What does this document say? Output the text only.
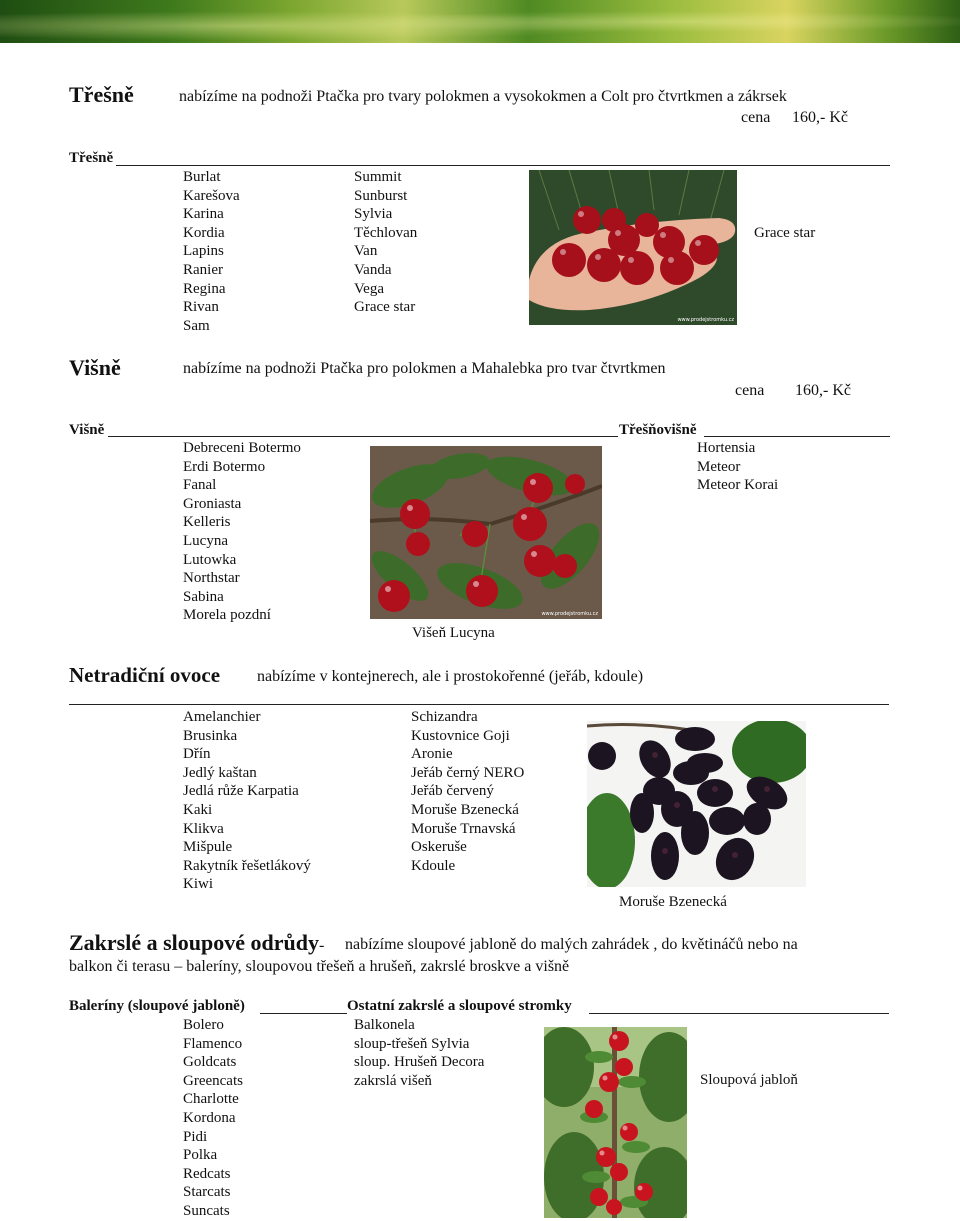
Třešně	nabízíme na podnoži Ptačka pro tvary polokmen a vysokokmen a Colt pro čtvrtkmen a zákrsek
cena 160,- Kč
Třešně
Burlat
Karešova
Karina
Kordia
Lapins
Ranier
Regina
Rivan
Sam
Summit
Sunburst
Sylvia
Těchlovan
Van
Vanda
Vega
Grace star
www.prodejstromku.cz
Grace star
Višně	nabízíme na podnoži Ptačka pro polokmen a Mahalebka pro tvar čtvrtkmen
cena 160,- Kč
Višně	Třešňovišně
Debreceni Botermo
Erdi Botermo
Fanal
Groniasta
Kelleris
Lucyna
Lutowka
Northstar
Sabina
Morela pozdní
Hortensia
Meteor
Meteor Korai
www.prodejstromku.cz
Višeň Lucyna
Netradiční ovoce nabízíme v kontejnerech, ale i prostokořenné (jeřáb, kdoule)
Amelanchier
Brusinka
Dřín
Jedlý kaštan
Jedlá růže Karpatia
Kaki
Klikva
Mišpule
Rakytník řešetlákový
Kiwi
Schizandra
Kustovnice Goji
Aronie
Jeřáb černý NERO
Jeřáb červený
Moruše Bzenecká
Moruše Trnavská
Oskeruše
Kdoule
Moruše Bzenecká
Zakrslé a sloupové odrůdy- nabízíme sloupové jabloně do malých zahrádek , do květináčů nebo na
balkon či terasu – baleríny, sloupovou třešeň a hrušeň, zakrslé broskve a višně
Baleríny (sloupové jabloně)	Ostatní zakrslé a sloupové stromky
Bolero
Flamenco
Goldcats
Greencats
Charlotte
Kordona
Pidi
Polka
Redcats
Starcats
Suncats
Balkonela
sloup-třešeň Sylvia
sloup. Hrušeň Decora
zakrslá višeň	Sloupová jabloň
